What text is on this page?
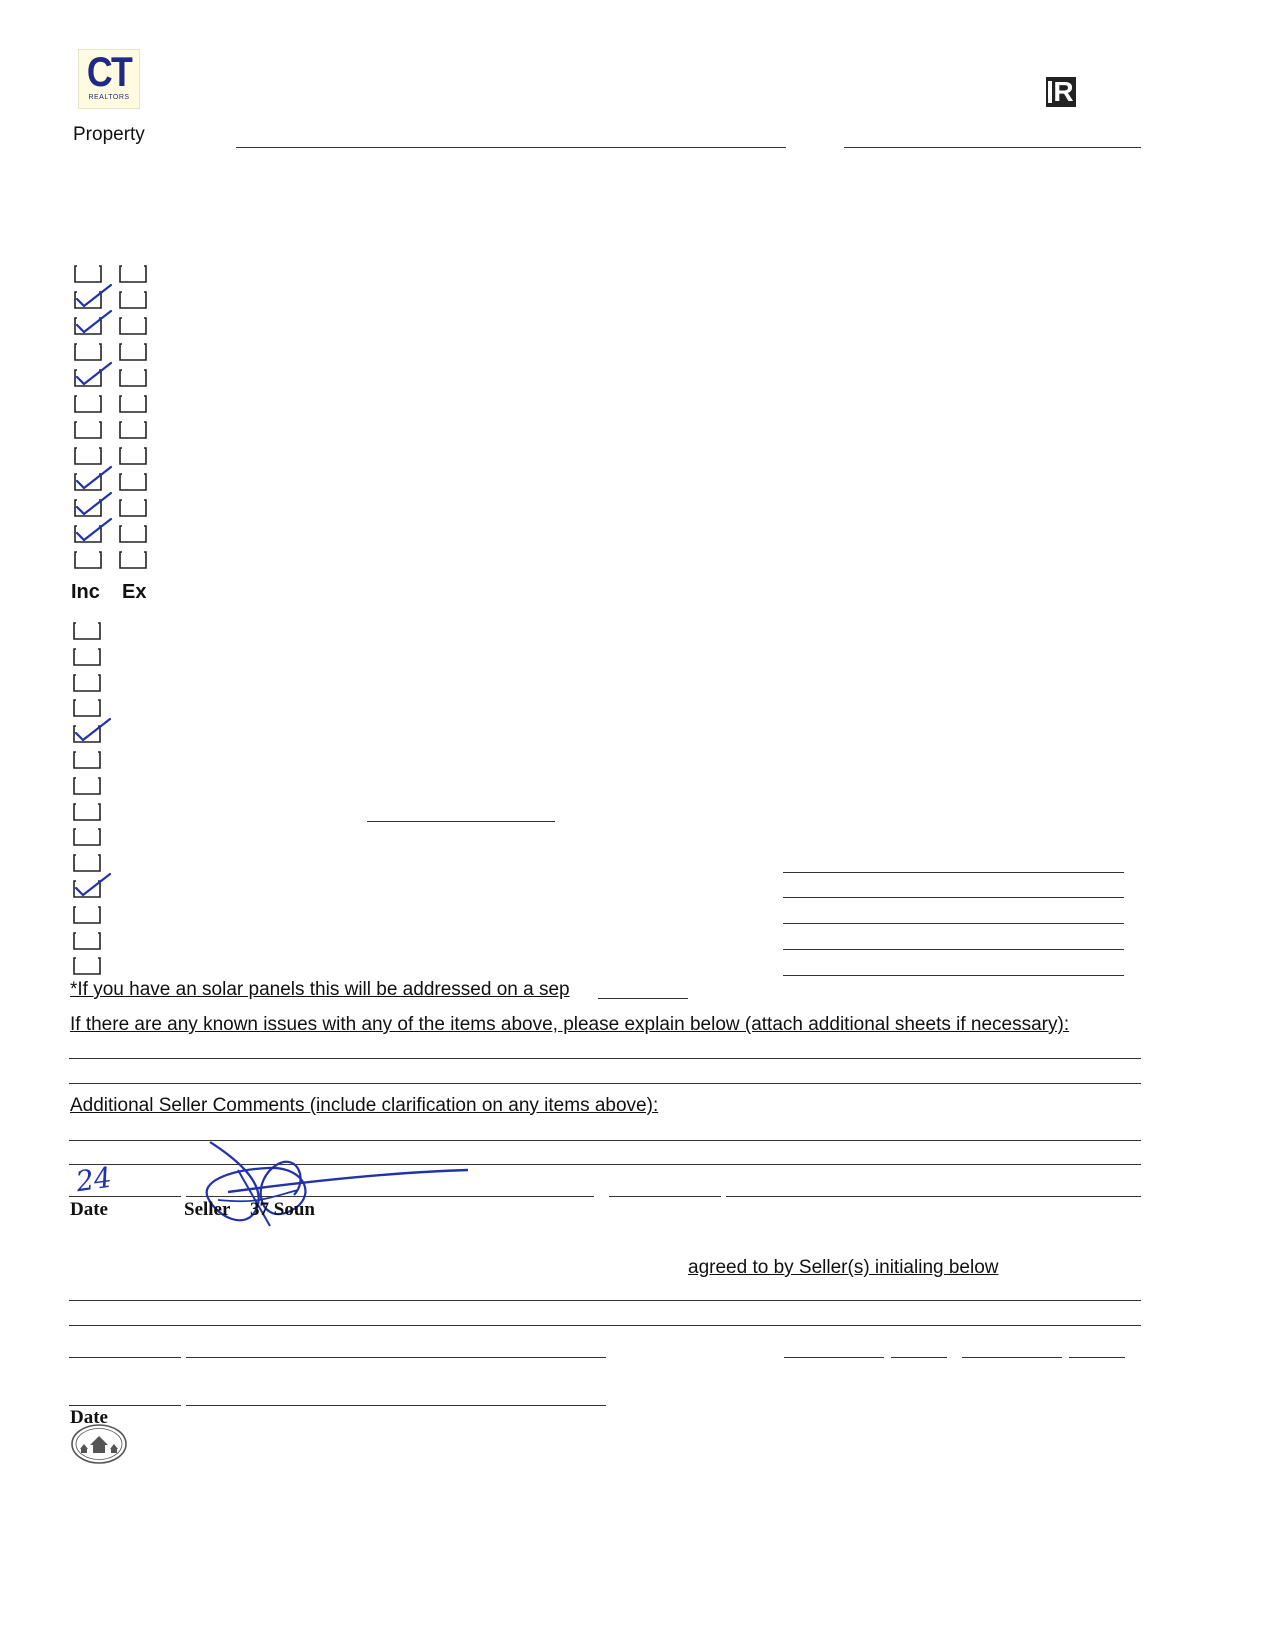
CT
REALTORS	R
Property
Inc Ex
*If you have an solar panels this will be addressed on a sep
If there are any known issues with any of the items above, please explain below (attach additional sheets if necessary):
Additional Seller Comments (include clarification on any items above):
24
Date	Seller 37 Soun
agreed to by Seller(s) initialing below
Date
